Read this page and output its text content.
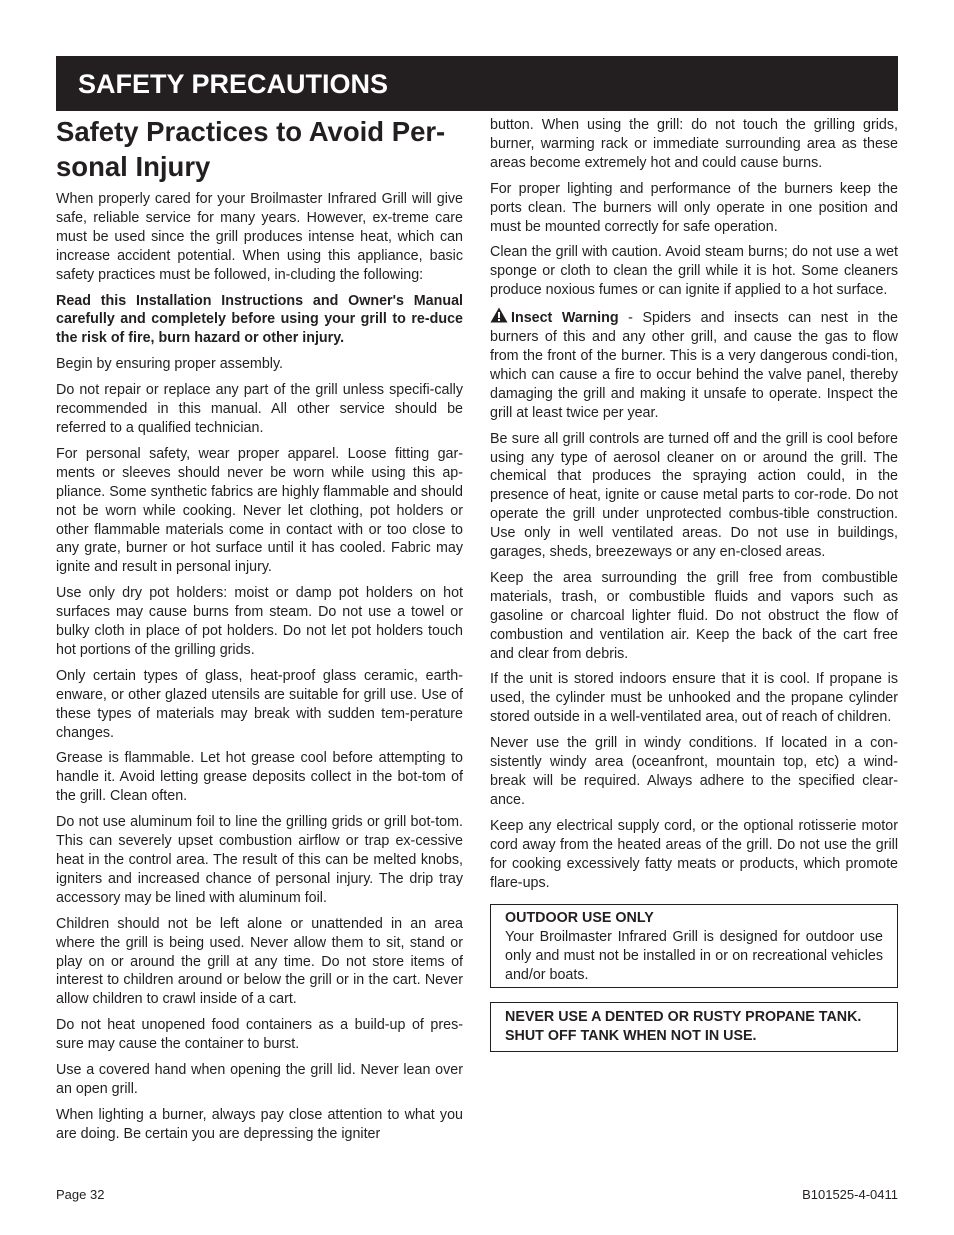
SAFETY PRECAUTIONS
Safety Practices to Avoid Per-
sonal Injury

When properly cared for your Broilmaster Infrared Grill will give safe, reliable service for many years. However, ex-treme care must be used since the grill produces intense heat, which can increase accident potential. When using this appliance, basic safety practices must be followed, in-cluding the following:

Read this Installation Instructions and Owner's Manual carefully and completely before using your grill to re-duce the risk of fire, burn hazard or other injury.

Begin by ensuring proper assembly.

Do not repair or replace any part of the grill unless specifi-cally recommended in this manual. All other service should be referred to a qualified technician.

For personal safety, wear proper apparel. Loose fitting gar-ments or sleeves should never be worn while using this ap-pliance. Some synthetic fabrics are highly flammable and should not be worn while cooking. Never let clothing, pot holders or other flammable materials come in contact with or too close to any grate, burner or hot surface until it has cooled. Fabric may ignite and result in personal injury.

Use only dry pot holders: moist or damp pot holders on hot surfaces may cause burns from steam. Do not use a towel or bulky cloth in place of pot holders. Do not let pot holders touch hot portions of the grilling grids.

Only certain types of glass, heat-proof glass ceramic, earth-enware, or other glazed utensils are suitable for grill use. Use of these types of materials may break with sudden tem-perature changes.

Grease is flammable. Let hot grease cool before attempting to handle it. Avoid letting grease deposits collect in the bot-tom of the grill. Clean often.

Do not use aluminum foil to line the grilling grids or grill bot-tom. This can severely upset combustion airflow or trap ex-cessive heat in the control area. The result of this can be melted knobs, igniters and increased chance of personal injury. The drip tray accessory may be lined with aluminum foil.

Children should not be left alone or unattended in an area where the grill is being used. Never allow them to sit, stand or play on or around the grill at any time. Do not store items of interest to children around or below the grill or in the cart. Never allow children to crawl inside of a cart.

Do not heat unopened food containers as a build-up of pres-sure may cause the container to burst.

Use a covered hand when opening the grill lid. Never lean over an open grill.

When lighting a burner, always pay close attention to what you are doing. Be certain you are depressing the igniter

button. When using the grill: do not touch the grilling grids, burner, warming rack or immediate surrounding area as these areas become extremely hot and could cause burns.

For proper lighting and performance of the burners keep the ports clean. The burners will only operate in one position and must be mounted correctly for safe operation.

Clean the grill with caution. Avoid steam burns; do not use a wet sponge or cloth to clean the grill while it is hot. Some cleaners produce noxious fumes or can ignite if applied to a hot surface.

Insect Warning - Spiders and insects can nest in the burners of this and any other grill, and cause the gas to flow from the front of the burner. This is a very dangerous condi-tion, which can cause a fire to occur behind the valve panel, thereby damaging the grill and making it unsafe to operate. Inspect the grill at least twice per year.

Be sure all grill controls are turned off and the grill is cool before using any type of aerosol cleaner on or around the grill. The chemical that produces the spraying action could, in the presence of heat, ignite or cause metal parts to cor-rode. Do not operate the grill under unprotected combus-tible construction. Use only in well ventilated areas. Do not use in buildings, garages, sheds, breezeways or any en-closed areas.

Keep the area surrounding the grill free from combustible materials, trash, or combustible fluids and vapors such as gasoline or charcoal lighter fluid. Do not obstruct the flow of combustion and ventilation air. Keep the back of the cart free and clear from debris.

If the unit is stored indoors ensure that it is cool. If propane is used, the cylinder must be unhooked and the propane cylinder stored outside in a well-ventilated area, out of reach of children.

Never use the grill in windy conditions. If located in a con-sistently windy area (oceanfront, mountain top, etc) a wind-break will be required. Always adhere to the specified clear-ance.

Keep any electrical supply cord, or the optional rotisserie motor cord away from the heated areas of the grill. Do not use the grill for cooking excessively fatty meats or products, which promote flare-ups.

OUTDOOR USE ONLY
Your Broilmaster Infrared Grill is designed for outdoor use only and must not be installed in or on recreational vehicles and/or boats.
NEVER USE A DENTED OR RUSTY PROPANE TANK.
SHUT OFF TANK WHEN NOT IN USE.
Page 32	B101525-4-0411
